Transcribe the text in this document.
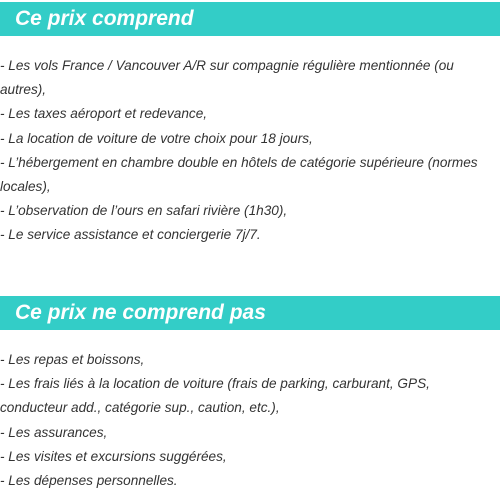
Ce prix comprend
- Les vols France / Vancouver A/R sur compagnie régulière mentionnée (ou autres),
- Les taxes aéroport et redevance,
- La location de voiture de votre choix pour 18 jours,
- L’hébergement en chambre double en hôtels de catégorie supérieure (normes locales),
- L’observation de l’ours en safari rivière (1h30),
- Le service assistance et conciergerie 7j/7.
Ce prix ne comprend pas
- Les repas et boissons,
- Les frais liés à la location de voiture (frais de parking, carburant, GPS, conducteur add., catégorie sup., caution, etc.),
- Les assurances,
- Les visites et excursions suggérées,
- Les dépenses personnelles.
